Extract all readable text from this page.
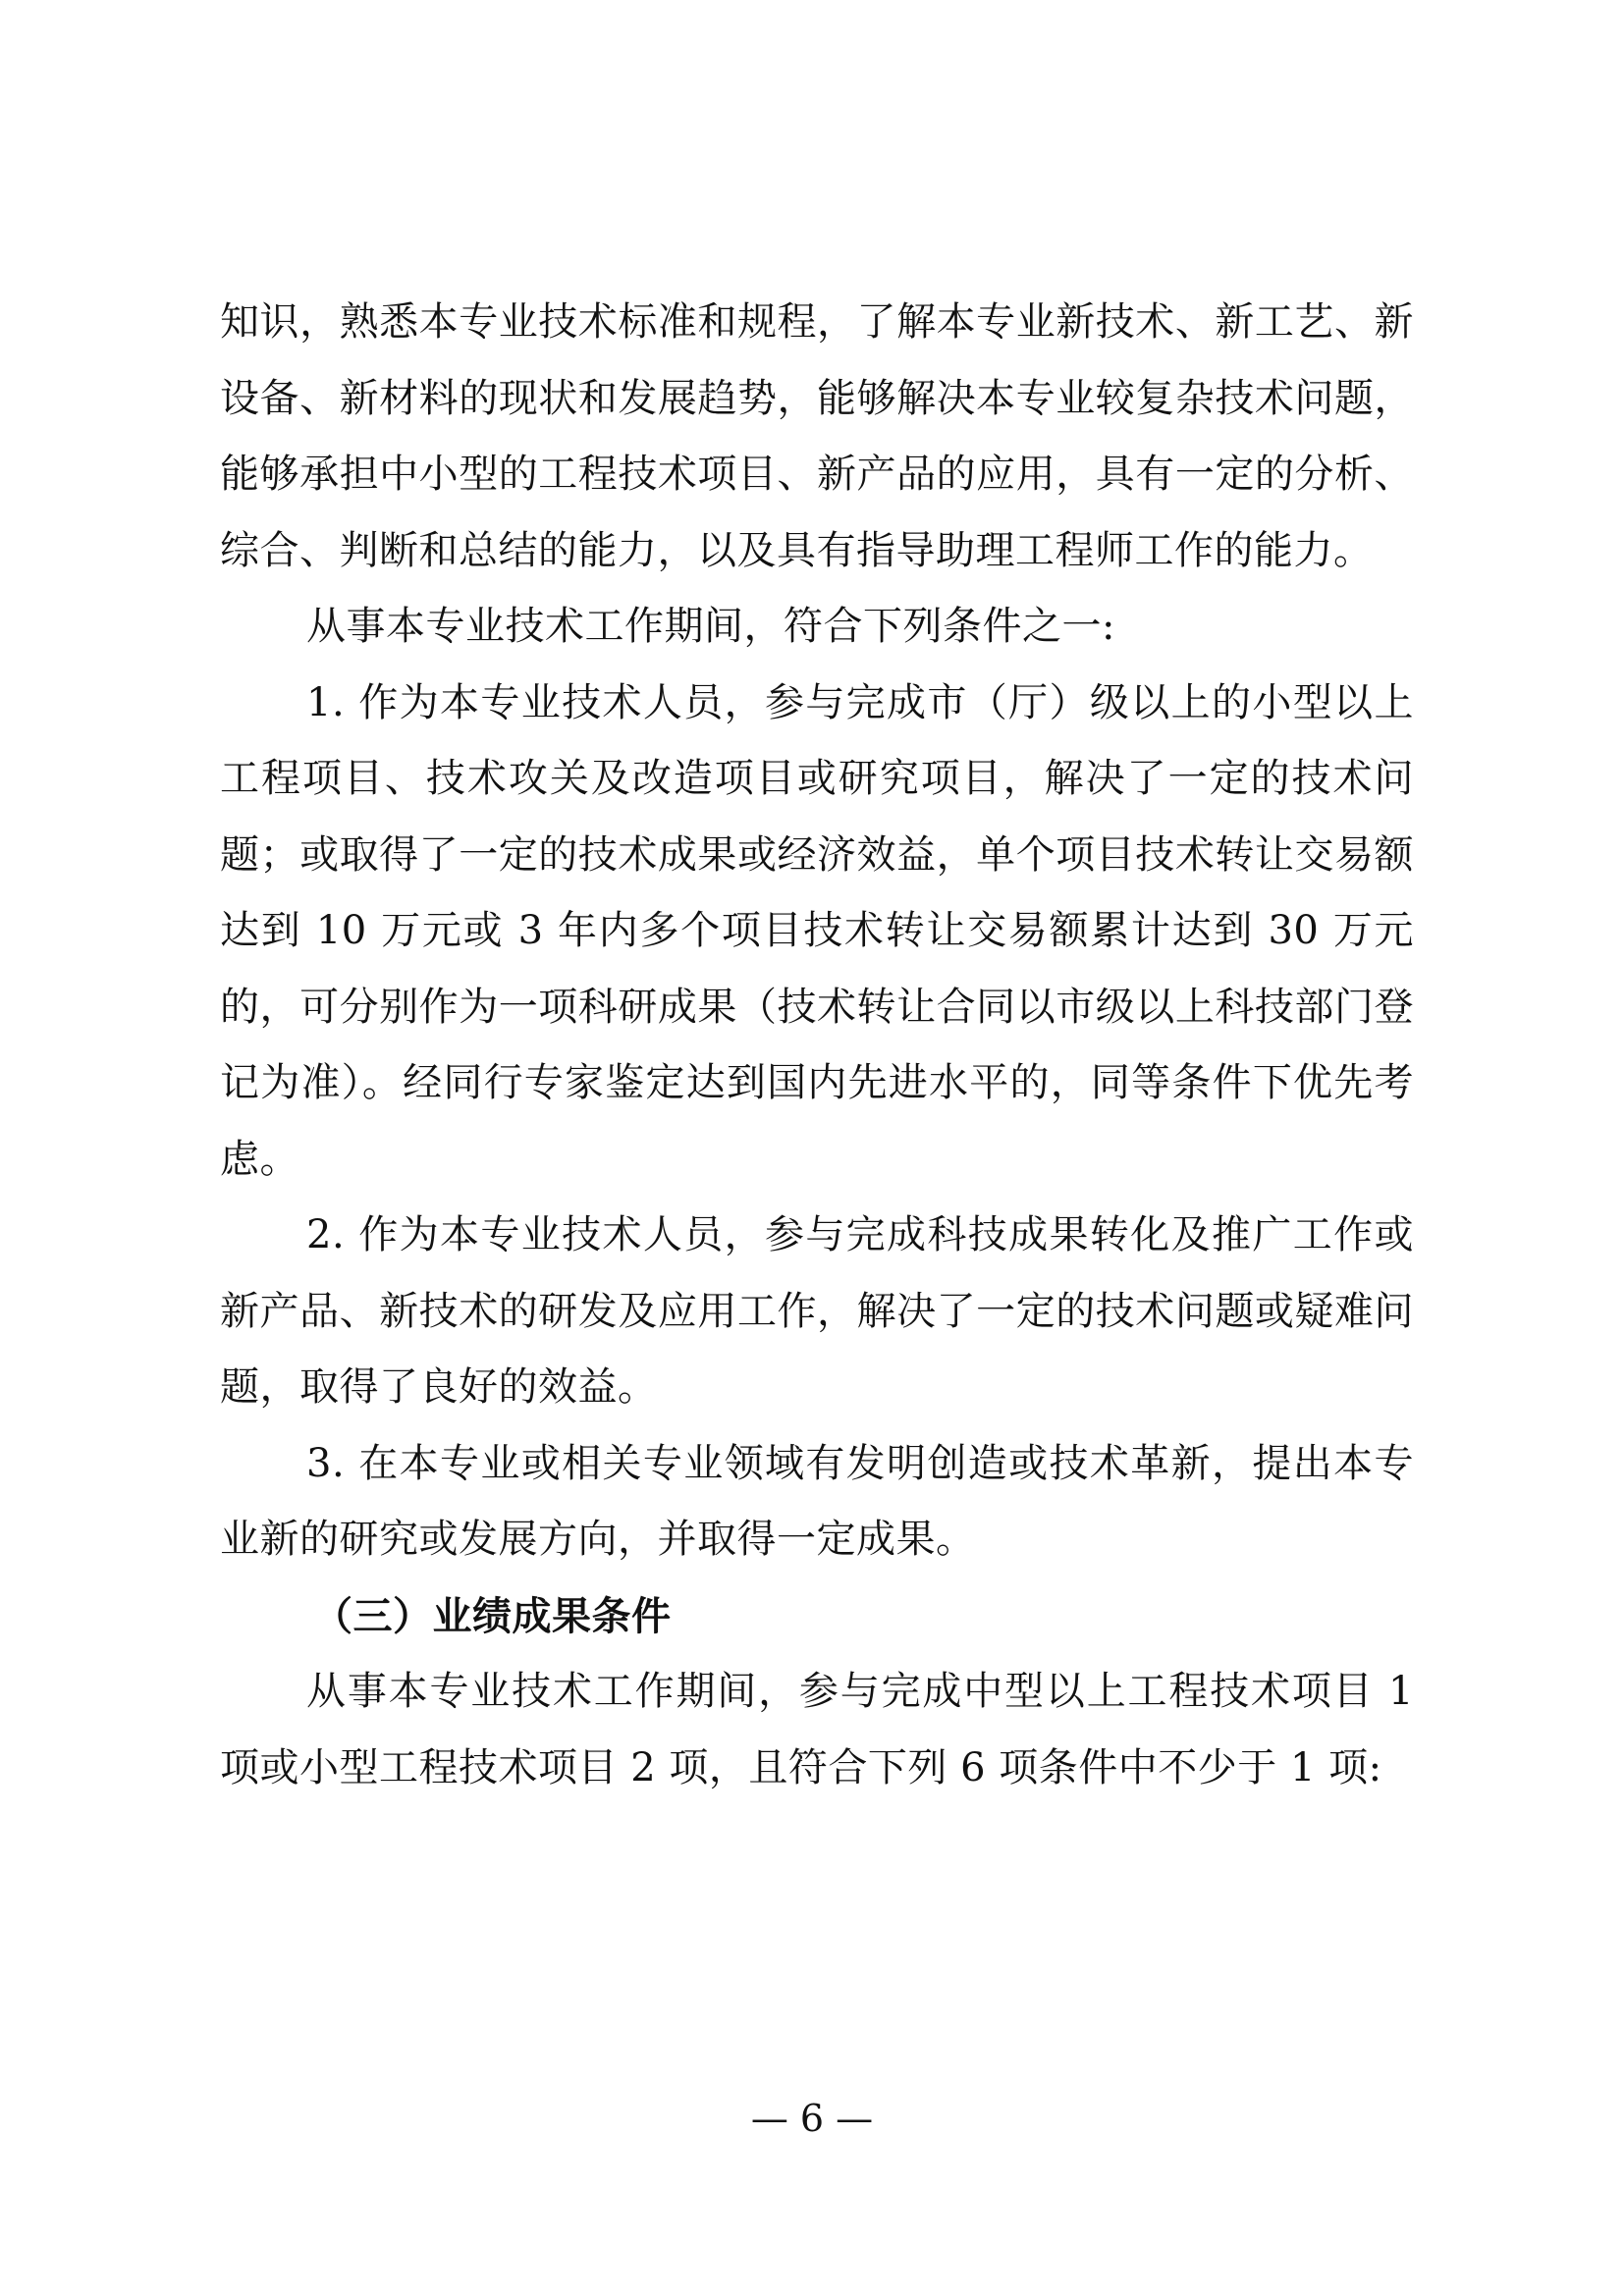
知识，熟悉本专业技术标准和规程，了解本专业新技术、新工艺、新设备、新材料的现状和发展趋势，能够解决本专业较复杂技术问题，能够承担中小型的工程技术项目、新产品的应用，具有一定的分析、综合、判断和总结的能力，以及具有指导助理工程师工作的能力。

从事本专业技术工作期间，符合下列条件之一:

1. 作为本专业技术人员，参与完成市（厅）级以上的小型以上工程项目、技术攻关及改造项目或研究项目，解决了一定的技术问题；或取得了一定的技术成果或经济效益，单个项目技术转让交易额达到 10 万元或 3 年内多个项目技术转让交易额累计达到 30 万元的，可分别作为一项科研成果（技术转让合同以市级以上科技部门登记为准）。经同行专家鉴定达到国内先进水平的，同等条件下优先考虑。

2. 作为本专业技术人员，参与完成科技成果转化及推广工作或新产品、新技术的研发及应用工作，解决了一定的技术问题或疑难问题，取得了良好的效益。

3. 在本专业或相关专业领域有发明创造或技术革新，提出本专业新的研究或发展方向，并取得一定成果。

（三）业绩成果条件

从事本专业技术工作期间，参与完成中型以上工程技术项目 1 项或小型工程技术项目 2 项，且符合下列 6 项条件中不少于 1 项:

— 6 —
